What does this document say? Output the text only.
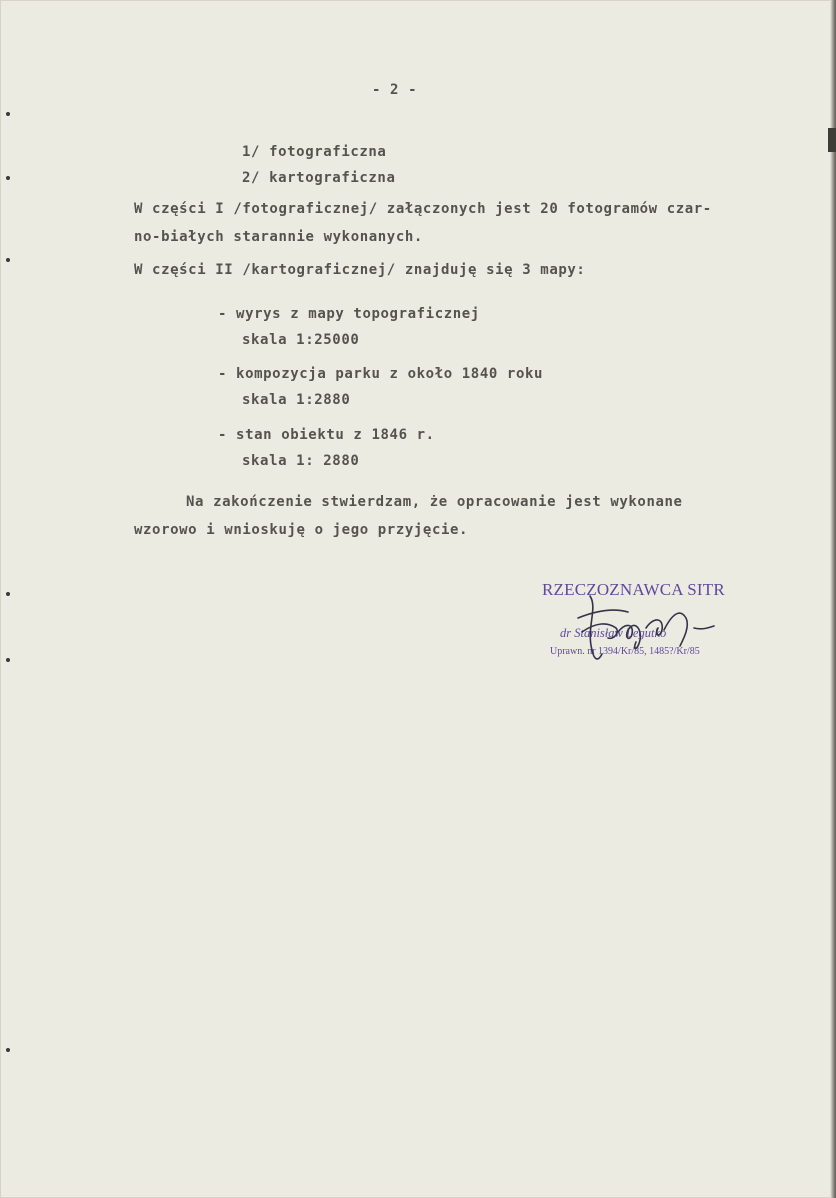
- 2 -
1/ fotograficzna
2/ kartograficzna
W części I /fotograficznej/ załączonych jest 20 fotogramów czar-
no-białych starannie wykonanych.
W części II /kartograficznej/ znajduję się 3 mapy:
- wyrys z mapy topograficznej
skala 1:25000
- kompozycja parku z około 1840 roku
skala 1:2880
- stan obiektu z 1846 r.
skala 1: 2880
Na zakończenie stwierdzam, że opracowanie jest wykonane
wzorowo i wnioskuję o jego przyjęcie.
RZECZOZNAWCA SITR
dr Stanisław Legutko
Uprawn. nr 1394/Kr/85, 1485?/Kr/85
